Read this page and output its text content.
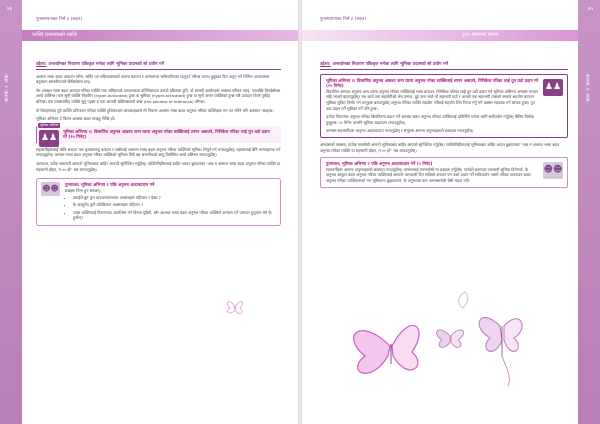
४४
श्रतक २ अंडा
पुनस्थापनाका निर्म ३ (बदल)
व्यक्ति प्रशासकको व्याधि
उद्देश्य: अन्तर्यामका निवारण एकिकृत गर्नका लागि भूमिका प्रदानको सो प्रयोग गर्ने

आमाल भाषा बदल अध्ययन गरिए, सर्विए एवं सहिनावास्यको रूपमा बताउन र अनगामध्य भविष्यनिरक्त रहनुपर्न गरिन्छ प्रगत्थ हुदुघका दिन अधुन गर्ने निमित्त अनवलमाम बनुस्थान स्वास्तीयताले बिविकोसम छन्।

नेम अवबल भाषा बदल अवपात गरिका व्यक्ति तथा समिहनको आवश्यकता प्रतिनिधायता उपायो वडितका हुनि, यो प्रभावी आयोगहरू अवस्था स्वीकर गराइ, उपलब्धि विनवेष्टोषल आयो बोलिन्छ। कम सुनी व्यक्ति निवारित (hyper-activated) हुन्छ वा सुमिका (hyper-activated) हुन्छ वा सुनी अन्तर व्यक्तिको हुन्छ गरि उत्पादन वितरे पूर्वदेह बतिन्छ। यस व्यवस्थाविद व्यक्ति सुनु पहला प्र एक आधारी खेलिन्छाउलो बन्छ (the window of tolerance) गरिन्छ।

यो विरुहस्पतद दुवै व्यक्ति प्रतिपादन गरिका व्यक्ति हुशिवयकम चारत्वरहलाले मी निवरण आपस्य भाषा बदल अनुभव गरिका व्यक्तिहरू मन पत गरिने भरि अवस्थन गराइन्छ।

भूमिका अभिनय दे फिल्म अवस्था बदल गराइहु भेन्छि हो।

♟♟
भूमिका अभिनय
भूमिका अभिनय १: विवरणित अनुभव आवश्य जन्य घटना अनुभव गरेका व्यक्तिलाई लागन अबाउने, निनिकेक गरिका लाई पुन उठो प्रदान गरे (१५ मिनेट)

सहभागीहरूलाई जोडि बनाउन यस कृयाकलापु बताउन र जबीलाई आचरण भाषा बदल अनुभव गरिका व्यक्तिको भूमिका लिनुर्न गर्न लगाउनुहोस्। उहालालाई बेनि अन्यवहारक गर्न लगाउनुहोस्। आमाल भाषा बदल अनुभव गरिका व्यक्तिको भूमिका लिन्ने बन्न भ्रमानीकाई आयु विमोसित आयो प्रसिसन लगाउनुहोस्।

आनपाल, प्रतेक भ्रमानारी आफनो भूमिकाबाट बाहिर आएको सुनिश्चित गर्नुहोस्। व्यक्तिनिहीरूलाई बाहिर आउन बुबाउनका "अब म आमाल भाषा बदल अनुभव गरिका व्यक्ति वा सहभागी होइन, म ०० हो" भन्न लगाउनुहोस्।

☻☻ पुनरावल: भूमिका अभिनय १ पछि अनुभव आदानप्रदान गर्ने
प्रश्नहरू निम्न हुन सक्छन्:
• उनाईले बुन कुन प्रावधानकरणका अवस्थाहरू पहिचान र देख्न ?
• के अवहुनेय कुनै प्रतिक्रियात अवस्थाहरू पहिचान ?
• व्यस्त व्यक्तिलाई विकरणका आवश्विष गर्न विनया गुर्दैछौ, और आभाल भाषा बदल अनुभव गरिका व्यक्तिले अभ्यास गर्ने प्रभावन हुलुवान भने के हुन्छेन्?
४५
श्रतक २ अंडा
पुनस्थापनाका निर्म ३ (बदल)
दृश्य स्मरणमा स्मरण
उद्देश्य: अन्तर्यामका निवारण एकिकृत गर्नका लागि भूमिका प्रदानको सो प्रयोग गर्ने
♟♟
भूमिका अभिनय २: विवरणित अनुभव आवश्य जन्य घटना अनुभव गरेका व्यक्तिलाई लागन अबाउने, निनिकेक गरिका लाई पुन उठो प्रदान गरे (१५ मिनेट)

विवरणित आमाल अनुभव अन्य घटना अनुभव गरिका व्यक्तिलाई भाषा बताउन, निमेकिक गरिका लाई पुन उठो प्रदान गर्न भूमिका अभिनय अभ्यास गराउन सहि भएको बताउनुहोस्। यस कार्य एक सहयोगीको भेष उन्मल, दुई जना भाले यो सहभागी ठाउँ र अनको एक सहभागी त्यसको समार्क सहयोग बताउन भूमिका सुचित निर्णय गर्न लागूहरू बताउनुहोस् अनुभव गरिका व्यक्ति सहयोग गर्नेलाई सहयोग लिन चिन्ता गर्नु गर्न अक्सर सहायक गर्न लायक हुन्छ। पुन उठा प्रदान गर्ने भूमिका गर्ने पनि हुन्छ।

प्रत्येक निवरणक अनुभव गरिका बिलपितमा प्रदान गर्ने अवस्था बलत अनुभव गरिका व्यक्तिलाई प्रतिनिधि गर्नका लागि सर्वोपयोग गर्नुहोस् बिनिय विमोक्ष हुनुहुन्छ। १० मिनेट परमनि भूमिका बदलाउन लगाउनुहोस्।

अभ्यास सहभागीहरू अनुभव आदानप्रदान गराउनुहोस् र समूहमा आफ्ना अनुभवहरूले छलफल गराउनुहोस्।

अभ्यासको अवस्था, प्रत्येक स्वयंसेवी आफ्नो भूमिकाबाट बाहिर आएको सुनिश्चित गर्नुहोस्। व्यक्तिनिहीरूलाई भूमिकाबाट बाहिर आउन बुबाउनका "अब म आमाल भाषा बदल अनुभव गरिका व्यक्ति वा सहभागी होइन, म ०० हो" भन्न लगाउनुहोस्।

☻☻
पुनरावल: भूमिका अभिनय २ पछि अनुभव आदानप्रदान गर्ने (५ मिनेट)

सहभागीहरू आफ्ना अनुभवहरूले छलफल गराउनुहोस्। आभाल्लाई मनमकोसो मा प्रश्नहरू गर्नुहोस्: पाण्डेले बताएका जानकरी सुभिदा दिनेभयो, के अनुभव आफुल बदल अनुभव गरिका व्यक्तिलाई आफनो जानकारी दिन सजिलो बनाउन फ्न उक्ते प्रदान गर्ने सकियाले? जस्तो तरीका अपनाउन बदल अनुभव गरिका व्यक्तिहरूको मन भूमिकामा बुझाउनाले, के अनुभवमा कम अभ्यासमोलो बेसी महत्व पर्ने?
